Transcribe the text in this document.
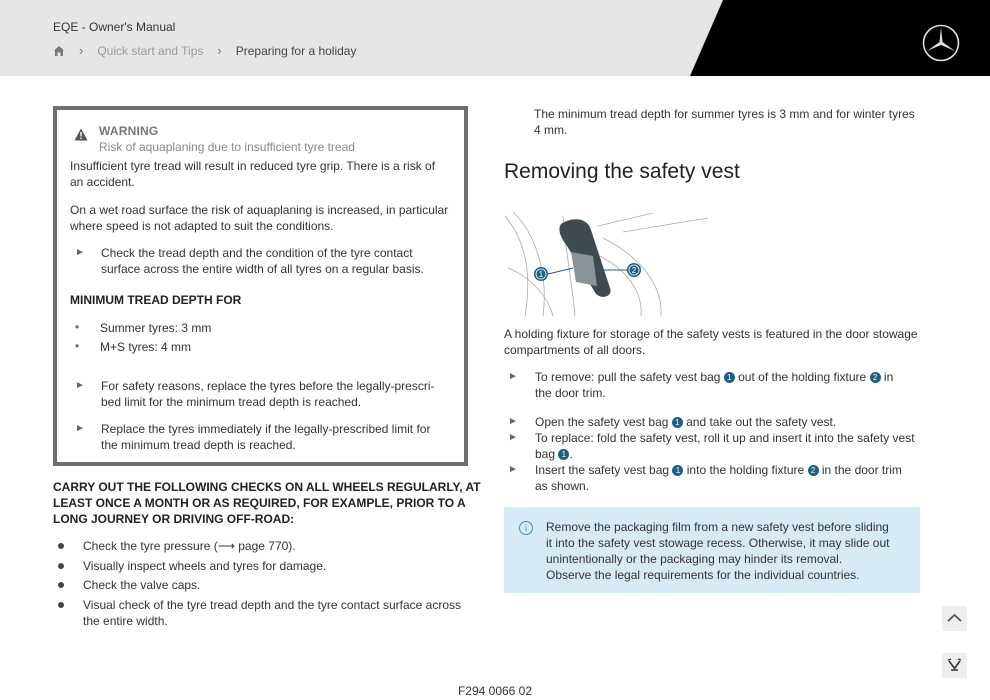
EQE - Owner's Manual
› Quick start and Tips › Preparing for a holiday
WARNING
Risk of aquaplaning due to insufficient tyre tread
Insufficient tyre tread will result in reduced tyre grip. There is a risk of
an accident.
On a wet road surface the risk of aquaplaning is increased, in particular
where speed is not adapted to suit the conditions.
► Check the tread depth and the condition of the tyre contact
surface across the entire width of all tyres on a regular basis.
MINIMUM TREAD DEPTH FOR
• Summer tyres: 3 mm
• M+S tyres: 4 mm
► For safety reasons, replace the tyres before the legally-prescri-
bed limit for the minimum tread depth is reached.
► Replace the tyres immediately if the legally-prescribed limit for
the minimum tread depth is reached.
CARRY OUT THE FOLLOWING CHECKS ON ALL WHEELS REGULARLY, AT
LEAST ONCE A MONTH OR AS REQUIRED, FOR EXAMPLE, PRIOR TO A
LONG JOURNEY OR DRIVING OFF-ROAD:
Check the tyre pressure (⟶ page 770).
Visually inspect wheels and tyres for damage.
Check the valve caps.
Visual check of the tyre tread depth and the tyre contact surface across
the entire width.
The minimum tread depth for summer tyres is 3 mm and for winter tyres
4 mm.
Removing the safety vest
1	2
A holding fixture for storage of the safety vests is featured in the door stowage
compartments of all doors.
► To remove: pull the safety vest bag 1 out of the holding fixture 2 in
the door trim.
► Open the safety vest bag 1 and take out the safety vest.
► To replace: fold the safety vest, roll it up and insert it into the safety vest
bag 1 .
► Insert the safety vest bag 1 into the holding fixture 2 in the door trim
as shown.
i	Remove the packaging film from a new safety vest before sliding
it into the safety vest stowage recess. Otherwise, it may slide out
unintentionally or the packaging may hinder its removal.
Observe the legal requirements for the individual countries.
F294 0066 02
